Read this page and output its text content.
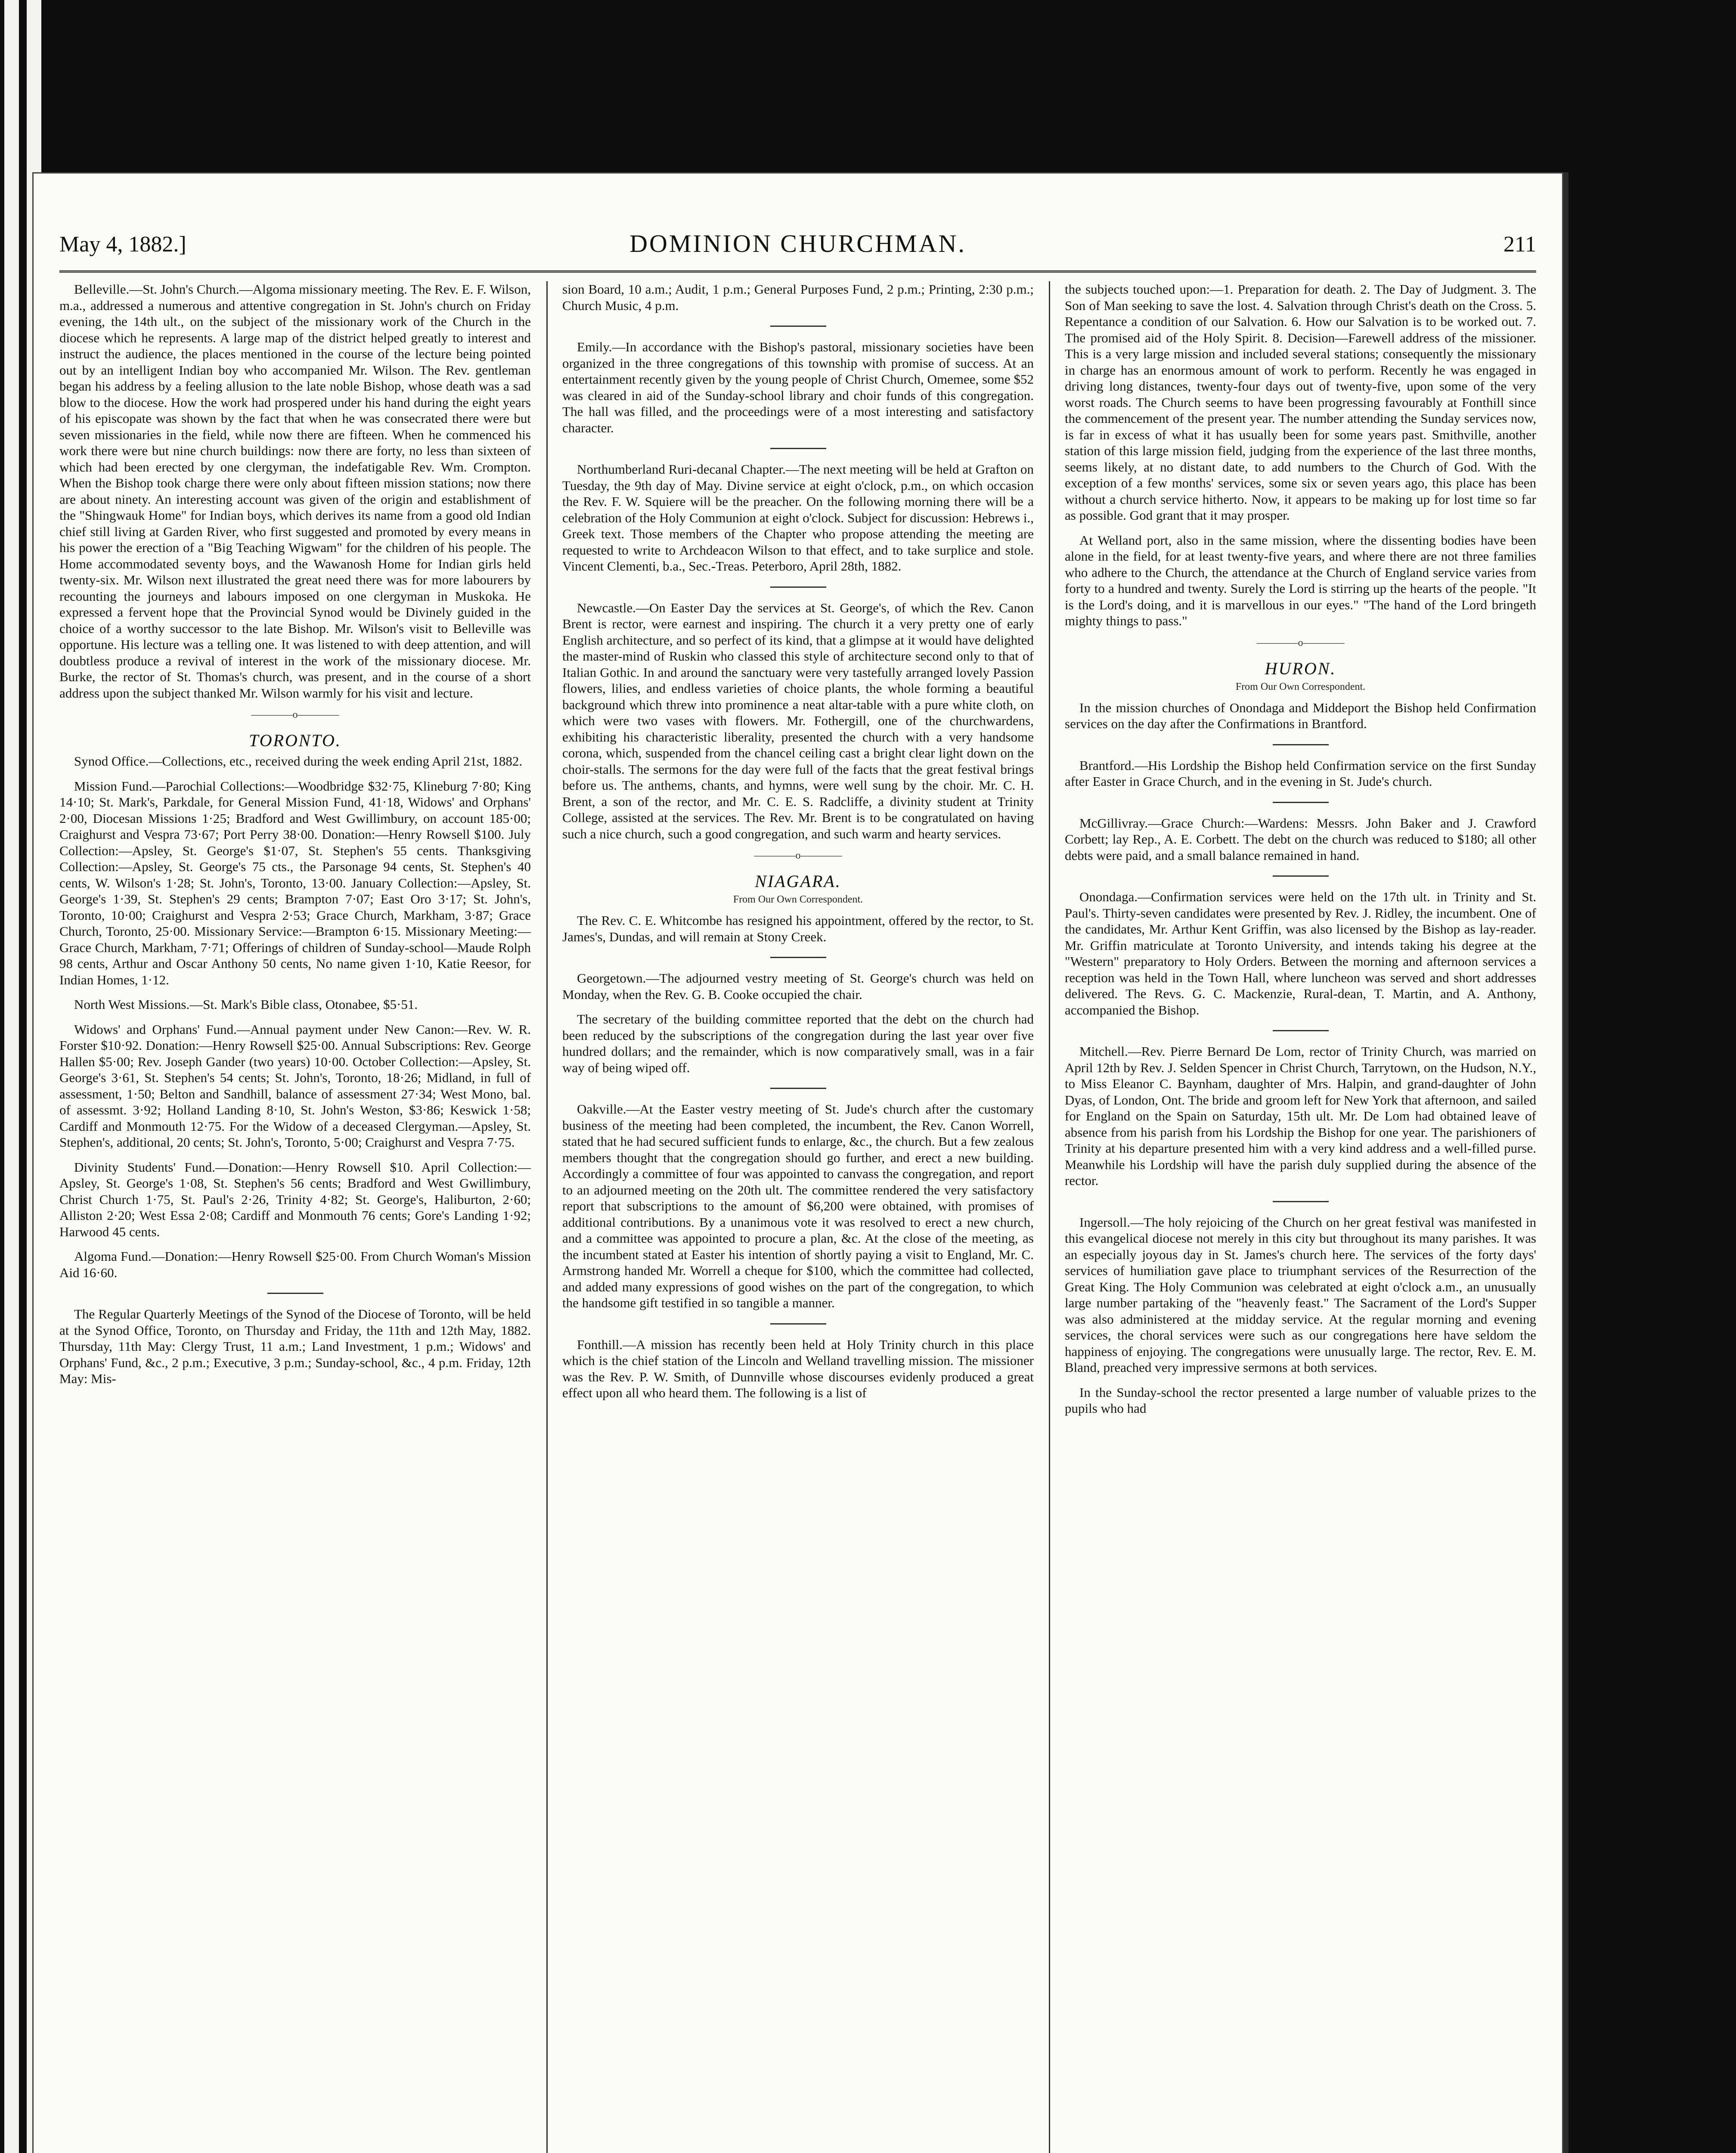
May 4, 1882.]	DOMINION CHURCHMAN.	211

Belleville.—St. John's Church.—Algoma missionary meeting. The Rev. E. F. Wilson, m.a., addressed a numerous and attentive congregation in St. John's church on Friday evening, the 14th ult., on the subject of the missionary work of the Church in the diocese which he represents. A large map of the district helped greatly to interest and instruct the audience, the places mentioned in the course of the lecture being pointed out by an intelligent Indian boy who accompanied Mr. Wilson. The Rev. gentleman began his address by a feeling allusion to the late noble Bishop, whose death was a sad blow to the diocese. How the work had prospered under his hand during the eight years of his episcopate was shown by the fact that when he was consecrated there were but seven missionaries in the field, while now there are fifteen. When he commenced his work there were but nine church buildings: now there are forty, no less than sixteen of which had been erected by one clergyman, the indefatigable Rev. Wm. Crompton. When the Bishop took charge there were only about fifteen mission stations; now there are about ninety. An interesting account was given of the origin and establishment of the "Shingwauk Home" for Indian boys, which derives its name from a good old Indian chief still living at Garden River, who first suggested and promoted by every means in his power the erection of a "Big Teaching Wigwam" for the children of his people. The Home accommodated seventy boys, and the Wawanosh Home for Indian girls held twenty-six. Mr. Wilson next illustrated the great need there was for more labourers by recounting the journeys and labours imposed on one clergyman in Muskoka. He expressed a fervent hope that the Provincial Synod would be Divinely guided in the choice of a worthy successor to the late Bishop. Mr. Wilson's visit to Belleville was opportune. His lecture was a telling one. It was listened to with deep attention, and will doubtless produce a revival of interest in the work of the missionary diocese. Mr. Burke, the rector of St. Thomas's church, was present, and in the course of a short address upon the subject thanked Mr. Wilson warmly for his visit and lecture.

————o————
TORONTO.

Synod Office.—Collections, etc., received during the week ending April 21st, 1882.

Mission Fund.—Parochial Collections:—Woodbridge $32·75, Klineburg 7·80; King 14·10; St. Mark's, Parkdale, for General Mission Fund, 41·18, Widows' and Orphans' 2·00, Diocesan Missions 1·25; Bradford and West Gwillimbury, on account 185·00; Craighurst and Vespra 73·67; Port Perry 38·00. Donation:—Henry Rowsell $100. July Collection:—Apsley, St. George's $1·07, St. Stephen's 55 cents. Thanksgiving Collection:—Apsley, St. George's 75 cts., the Parsonage 94 cents, St. Stephen's 40 cents, W. Wilson's 1·28; St. John's, Toronto, 13·00. January Collection:—Apsley, St. George's 1·39, St. Stephen's 29 cents; Brampton 7·07; East Oro 3·17; St. John's, Toronto, 10·00; Craighurst and Vespra 2·53; Grace Church, Markham, 3·87; Grace Church, Toronto, 25·00. Missionary Service:—Brampton 6·15. Missionary Meeting:—Grace Church, Markham, 7·71; Offerings of children of Sunday-school—Maude Rolph 98 cents, Arthur and Oscar Anthony 50 cents, No name given 1·10, Katie Reesor, for Indian Homes, 1·12.

North West Missions.—St. Mark's Bible class, Otonabee, $5·51.

Widows' and Orphans' Fund.—Annual payment under New Canon:—Rev. W. R. Forster $10·92. Donation:—Henry Rowsell $25·00. Annual Subscriptions: Rev. George Hallen $5·00; Rev. Joseph Gander (two years) 10·00. October Collection:—Apsley, St. George's 3·61, St. Stephen's 54 cents; St. John's, Toronto, 18·26; Midland, in full of assessment, 1·50; Belton and Sandhill, balance of assessment 27·34; West Mono, bal. of assessmt. 3·92; Holland Landing 8·10, St. John's Weston, $3·86; Keswick 1·58; Cardiff and Monmouth 12·75. For the Widow of a deceased Clergyman.—Apsley, St. Stephen's, additional, 20 cents; St. John's, Toronto, 5·00; Craighurst and Vespra 7·75.

Divinity Students' Fund.—Donation:—Henry Rowsell $10. April Collection:—Apsley, St. George's 1·08, St. Stephen's 56 cents; Bradford and West Gwillimbury, Christ Church 1·75, St. Paul's 2·26, Trinity 4·82; St. George's, Haliburton, 2·60; Alliston 2·20; West Essa 2·08; Cardiff and Monmouth 76 cents; Gore's Landing 1·92; Harwood 45 cents.

Algoma Fund.—Donation:—Henry Rowsell $25·00. From Church Woman's Mission Aid 16·60.

The Regular Quarterly Meetings of the Synod of the Diocese of Toronto, will be held at the Synod Office, Toronto, on Thursday and Friday, the 11th and 12th May, 1882. Thursday, 11th May: Clergy Trust, 11 a.m.; Land Investment, 1 p.m.; Widows' and Orphans' Fund, &c., 2 p.m.; Executive, 3 p.m.; Sunday-school, &c., 4 p.m. Friday, 12th May: Mis-

sion Board, 10 a.m.; Audit, 1 p.m.; General Purposes Fund, 2 p.m.; Printing, 2:30 p.m.; Church Music, 4 p.m.

Emily.—In accordance with the Bishop's pastoral, missionary societies have been organized in the three congregations of this township with promise of success. At an entertainment recently given by the young people of Christ Church, Omemee, some $52 was cleared in aid of the Sunday-school library and choir funds of this congregation. The hall was filled, and the proceedings were of a most interesting and satisfactory character.

Northumberland Ruri-decanal Chapter.—The next meeting will be held at Grafton on Tuesday, the 9th day of May. Divine service at eight o'clock, p.m., on which occasion the Rev. F. W. Squiere will be the preacher. On the following morning there will be a celebration of the Holy Communion at eight o'clock. Subject for discussion: Hebrews i., Greek text. Those members of the Chapter who propose attending the meeting are requested to write to Archdeacon Wilson to that effect, and to take surplice and stole. Vincent Clementi, b.a., Sec.-Treas. Peterboro, April 28th, 1882.

Newcastle.—On Easter Day the services at St. George's, of which the Rev. Canon Brent is rector, were earnest and inspiring. The church it a very pretty one of early English architecture, and so perfect of its kind, that a glimpse at it would have delighted the master-mind of Ruskin who classed this style of architecture second only to that of Italian Gothic. In and around the sanctuary were very tastefully arranged lovely Passion flowers, lilies, and endless varieties of choice plants, the whole forming a beautiful background which threw into prominence a neat altar-table with a pure white cloth, on which were two vases with flowers. Mr. Fothergill, one of the churchwardens, exhibiting his characteristic liberality, presented the church with a very handsome corona, which, suspended from the chancel ceiling cast a bright clear light down on the choir-stalls. The sermons for the day were full of the facts that the great festival brings before us. The anthems, chants, and hymns, were well sung by the choir. Mr. C. H. Brent, a son of the rector, and Mr. C. E. S. Radcliffe, a divinity student at Trinity College, assisted at the services. The Rev. Mr. Brent is to be congratulated on having such a nice church, such a good congregation, and such warm and hearty services.

————o————
NIAGARA.
From Our Own Correspondent.

The Rev. C. E. Whitcombe has resigned his appointment, offered by the rector, to St. James's, Dundas, and will remain at Stony Creek.

Georgetown.—The adjourned vestry meeting of St. George's church was held on Monday, when the Rev. G. B. Cooke occupied the chair.

The secretary of the building committee reported that the debt on the church had been reduced by the subscriptions of the congregation during the last year over five hundred dollars; and the remainder, which is now comparatively small, was in a fair way of being wiped off.

Oakville.—At the Easter vestry meeting of St. Jude's church after the customary business of the meeting had been completed, the incumbent, the Rev. Canon Worrell, stated that he had secured sufficient funds to enlarge, &c., the church. But a few zealous members thought that the congregation should go further, and erect a new building. Accordingly a committee of four was appointed to canvass the congregation, and report to an adjourned meeting on the 20th ult. The committee rendered the very satisfactory report that subscriptions to the amount of $6,200 were obtained, with promises of additional contributions. By a unanimous vote it was resolved to erect a new church, and a committee was appointed to procure a plan, &c. At the close of the meeting, as the incumbent stated at Easter his intention of shortly paying a visit to England, Mr. C. Armstrong handed Mr. Worrell a cheque for $100, which the committee had collected, and added many expressions of good wishes on the part of the congregation, to which the handsome gift testified in so tangible a manner.

Fonthill.—A mission has recently been held at Holy Trinity church in this place which is the chief station of the Lincoln and Welland travelling mission. The missioner was the Rev. P. W. Smith, of Dunnville whose discourses evidenly produced a great effect upon all who heard them. The following is a list of

the subjects touched upon:—1. Preparation for death. 2. The Day of Judgment. 3. The Son of Man seeking to save the lost. 4. Salvation through Christ's death on the Cross. 5. Repentance a condition of our Salvation. 6. How our Salvation is to be worked out. 7. The promised aid of the Holy Spirit. 8. Decision—Farewell address of the missioner. This is a very large mission and included several stations; consequently the missionary in charge has an enormous amount of work to perform. Recently he was engaged in driving long distances, twenty-four days out of twenty-five, upon some of the very worst roads. The Church seems to have been progressing favourably at Fonthill since the commencement of the present year. The number attending the Sunday services now, is far in excess of what it has usually been for some years past. Smithville, another station of this large mission field, judging from the experience of the last three months, seems likely, at no distant date, to add numbers to the Church of God. With the exception of a few months' services, some six or seven years ago, this place has been without a church service hitherto. Now, it appears to be making up for lost time so far as possible. God grant that it may prosper.

At Welland port, also in the same mission, where the dissenting bodies have been alone in the field, for at least twenty-five years, and where there are not three families who adhere to the Church, the attendance at the Church of England service varies from forty to a hundred and twenty. Surely the Lord is stirring up the hearts of the people. "It is the Lord's doing, and it is marvellous in our eyes." "The hand of the Lord bringeth mighty things to pass."

————o————
HURON.
From Our Own Correspondent.

In the mission churches of Onondaga and Middeport the Bishop held Confirmation services on the day after the Confirmations in Brantford.

Brantford.—His Lordship the Bishop held Confirmation service on the first Sunday after Easter in Grace Church, and in the evening in St. Jude's church.

McGillivray.—Grace Church:—Wardens: Messrs. John Baker and J. Crawford Corbett; lay Rep., A. E. Corbett. The debt on the church was reduced to $180; all other debts were paid, and a small balance remained in hand.

Onondaga.—Confirmation services were held on the 17th ult. in Trinity and St. Paul's. Thirty-seven candidates were presented by Rev. J. Ridley, the incumbent. One of the candidates, Mr. Arthur Kent Griffin, was also licensed by the Bishop as lay-reader. Mr. Griffin matriculate at Toronto University, and intends taking his degree at the "Western" preparatory to Holy Orders. Between the morning and afternoon services a reception was held in the Town Hall, where luncheon was served and short addresses delivered. The Revs. G. C. Mackenzie, Rural-dean, T. Martin, and A. Anthony, accompanied the Bishop.

Mitchell.—Rev. Pierre Bernard De Lom, rector of Trinity Church, was married on April 12th by Rev. J. Selden Spencer in Christ Church, Tarrytown, on the Hudson, N.Y., to Miss Eleanor C. Baynham, daughter of Mrs. Halpin, and grand-daughter of John Dyas, of London, Ont. The bride and groom left for New York that afternoon, and sailed for England on the Spain on Saturday, 15th ult. Mr. De Lom had obtained leave of absence from his parish from his Lordship the Bishop for one year. The parishioners of Trinity at his departure presented him with a very kind address and a well-filled purse. Meanwhile his Lordship will have the parish duly supplied during the absence of the rector.

Ingersoll.—The holy rejoicing of the Church on her great festival was manifested in this evangelical diocese not merely in this city but throughout its many parishes. It was an especially joyous day in St. James's church here. The services of the forty days' services of humiliation gave place to triumphant services of the Resurrection of the Great King. The Holy Communion was celebrated at eight o'clock a.m., an unusually large number partaking of the "heavenly feast." The Sacrament of the Lord's Supper was also administered at the midday service. At the regular morning and evening services, the choral services were such as our congregations here have seldom the happiness of enjoying. The congregations were unusually large. The rector, Rev. E. M. Bland, preached very impressive sermons at both services.

In the Sunday-school the rector presented a large number of valuable prizes to the pupils who had
